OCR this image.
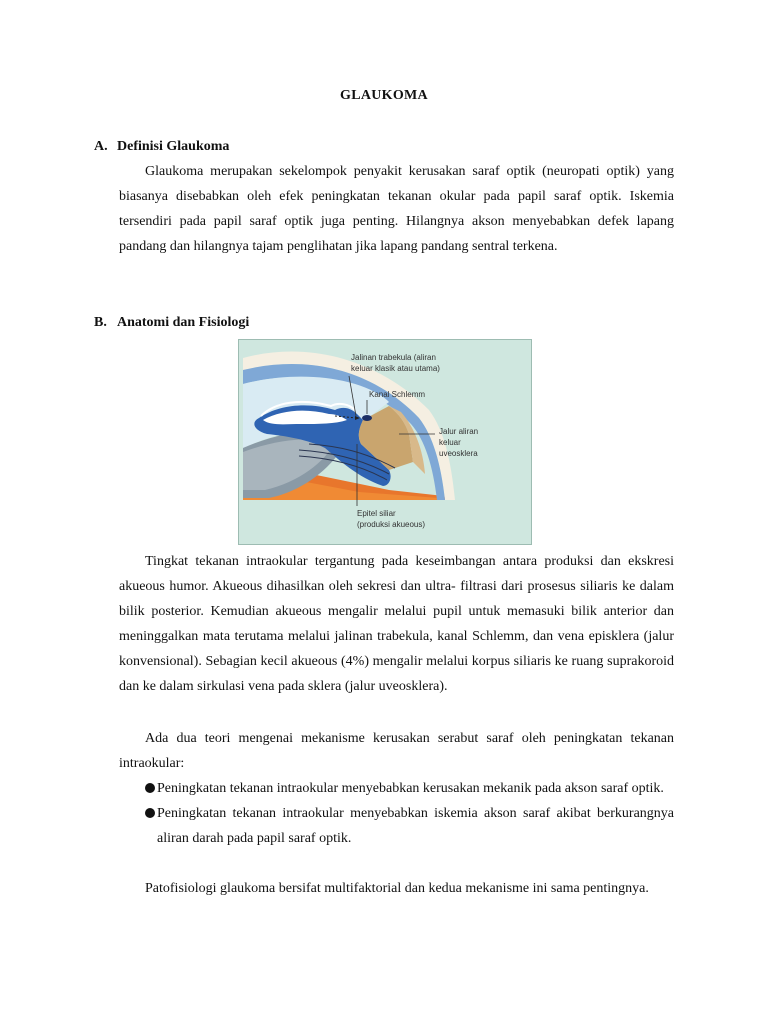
GLAUKOMA
A. Definisi Glaukoma

Glaukoma merupakan sekelompok penyakit kerusakan saraf optik (neuropati optik) yang biasanya disebabkan oleh efek peningkatan tekanan okular pada papil saraf optik. Iskemia tersendiri pada papil saraf optik juga penting. Hilangnya akson menyebabkan defek lapang pandang dan hilangnya tajam penglihatan jika lapang pandang sentral terkena.

B. Anatomi dan Fisiologi
Jalinan trabekula (aliran
keluar klasik atau utama)
Kanal Schlemm
Jalur aliran
keluar
uveosklera
Epitel siliar
(produksi akueous)

Tingkat tekanan intraokular tergantung pada keseimbangan antara produksi dan ekskresi akueous humor. Akueous dihasilkan oleh sekresi dan ultra- filtrasi dari prosesus siliaris ke dalam bilik posterior. Kemudian akueous mengalir melalui pupil untuk memasuki bilik anterior dan meninggalkan mata terutama melalui jalinan trabekula, kanal Schlemm, dan vena episklera (jalur konvensional). Sebagian kecil akueous (4%) mengalir melalui korpus siliaris ke ruang suprakoroid dan ke dalam sirkulasi vena pada sklera (jalur uveosklera).

Ada dua teori mengenai mekanisme kerusakan serabut saraf oleh peningkatan tekanan intraokular:

Peningkatan tekanan intraokular menyebabkan kerusakan mekanik pada akson saraf optik.
Peningkatan tekanan intraokular menyebabkan iskemia akson saraf akibat berkurangnya aliran darah pada papil saraf optik.

Patofisiologi glaukoma bersifat multifaktorial dan kedua mekanisme ini sama pentingnya.
